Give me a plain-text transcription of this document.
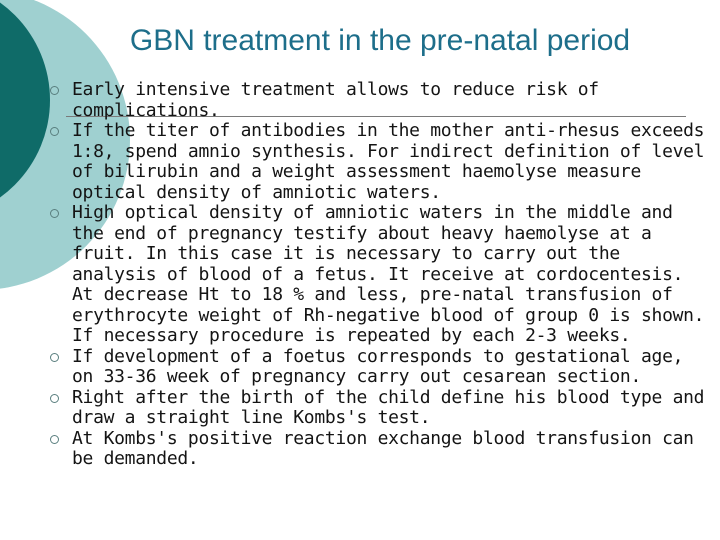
GBN treatment in the pre-natal period
Early intensive treatment allows to reduce risk of complications.
If the titer of antibodies in the mother anti-rhesus exceeds 1:8, spend amnio synthesis. For indirect definition of level of bilirubin and a weight assessment haemolyse measure optical density of amniotic waters.
High optical density of amniotic waters in the middle and the end of pregnancy testify about heavy haemolyse at a fruit. In this case it is necessary to carry out the analysis of blood of a fetus. It receive at cordocentesis. At decrease Ht to 18 % and less, pre-natal transfusion of erythrocyte weight of Rh-negative blood of group 0 is shown. If necessary procedure is repeated by each 2-3 weeks.
If development of a foetus corresponds to gestational age, on 33-36 week of pregnancy carry out cesarean section.
Right after the birth of the child define his blood type and draw a straight line Kombs's test.
At Kombs's positive reaction exchange blood transfusion can be demanded.
